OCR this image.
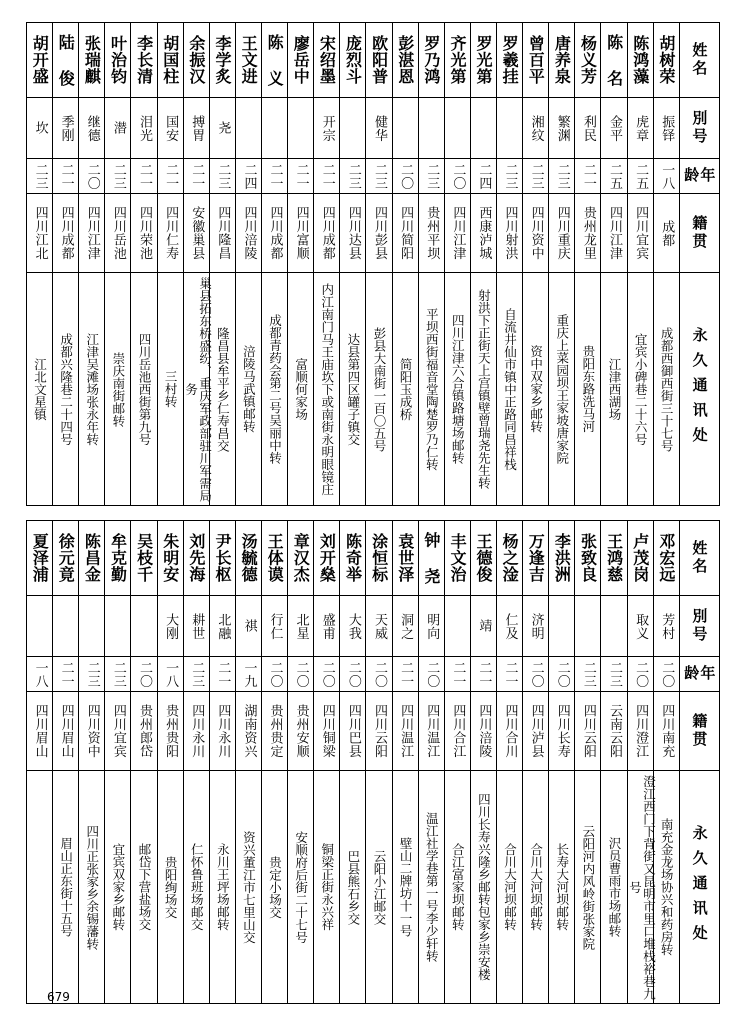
胡开盛	陆 俊	张瑞麒	叶治钧	李长清	胡国柱	余振汉	李学炙	王文进	陈 义	廖岳中	宋绍墨	庞烈斗	欧阳普	彭湛恩	罗乃鸿	齐光第	罗光第	罗羲挂	曾百平	唐养泉	杨义芳	陈 名	陈鸿藻	胡树荣	姓名

坎	季刚	继德	潜	泪光	国安	搏胃	尧				开宗		健华						湘纹	繁渊	利民	金平	虎章	振铎	別号

二三	二一	二〇	二三	二一	二一	二一	二三	二四	二一	二一	二一	二三	二三	二〇	二三	二〇	二四	二三	二三	二三	二一	二五	二五	一八	年龄

四川江北	四川成都	四川江津	四川岳池	四川荣池	四川仁寿	安徽巢县	四川隆昌	四川涪陵	四川成都	四川富顺	四川成都	四川达县	四川彭县	四川简阳	贵州平坝	四川江津	西康泸城	四川射洪	四川资中	四川重庆	贵州龙里	四川江津	四川宜宾	成都	籍贯

江北文星镇	成都兴隆巷二十四号	江津吴滩场张永年转	崇庆南街邮转	四川岳池西街第九号	三村转	巢县拓东桥盛纷、重庆军政部驻川军需局务	隆昌县牟平乡仁寿昌交	涪陵马武镇邮转	成都青药会第二号吴丽中转	富顺何家场	内江南门马王庙坎下或南街永明眼镜庄	达县第四区罐子镇交	彭县大南街一百〇五号	简阳玉成桥	平坝西街福音堂陶楚罗乃仁转	四川江津六合镇路塘场邮转	射洪下正街天上宫镇壁曾瑞尧先生转	自流井仙市镇中正路同昌祥栈	资中双家乡邮转	重庆上菜园坝王家坡唐家院	贵阳东路洗马河	江津西湖场	宜宾小碑巷二十六号	成都西御西街三十七号	永久通讯处
夏泽浦	徐元竟	陈昌金	牟克勤	吴枝千	朱明安	刘先海	尹长枢	汤毓德	王体谟	章汉杰	刘开燊	陈奇举	涂恒标	袁世泽	钟 尧	丰文治	王德俊	杨之淦	万逢吉	李洪洲	张致良	王鸿慈	卢茂岗	邓宏远	姓名

					大刚	耕世	北融	祺	行仁	北星	盛甫	大我	天威	洞之	明向		靖	仁及	济明				取义	芳村	別号

一八	二一	二三	二三	二〇	一八	二三	二一	一九	二〇	二〇	二〇	二〇	二〇	二一	二〇	二一	二一	二一	二〇	二〇	二三	二三	二〇	二〇	年龄

四川眉山	四川眉山	四川资中	四川宜宾	贵州郎岱	贵州贵阳	四川永川	四川永川	湖南资兴	贵州贵定	贵州安顺	四川铜梁	四川巴县	四川云阳	四川温江	四川温江	四川合江	四川涪陵	四川合川	四川泸县	四川长寿	四川云阳	云南云阳	四川澄江	四川南充	籍贯

	眉山正东街十五号	四川正张家乡余锡藩转	宜宾双家乡邮转	邮岱下营盐场交	贵阳绚场交	仁怀鲁班场邮交	永川王坪场邮转	资兴董江市七里山交	贵定小场交	安顺府后街二十七号	铜梁正街永兴祥	巴县熊石乡交	云阳小江邮交	壁山二牌坊十一号	温江社学巷第一号李少轩转	合江富家坝邮转	四川长寿兴隆乡邮转包家乡崇安楼	合川大河坝邮转	合川大河坝邮转	长寿大河坝邮转	云阳河内风岭街张家院	沢员曹雨市场邮转	澄江西门下背街又昆明市里口堆栈裕巷九号	南充金龙场协兴和药房转	永久通讯处
679
